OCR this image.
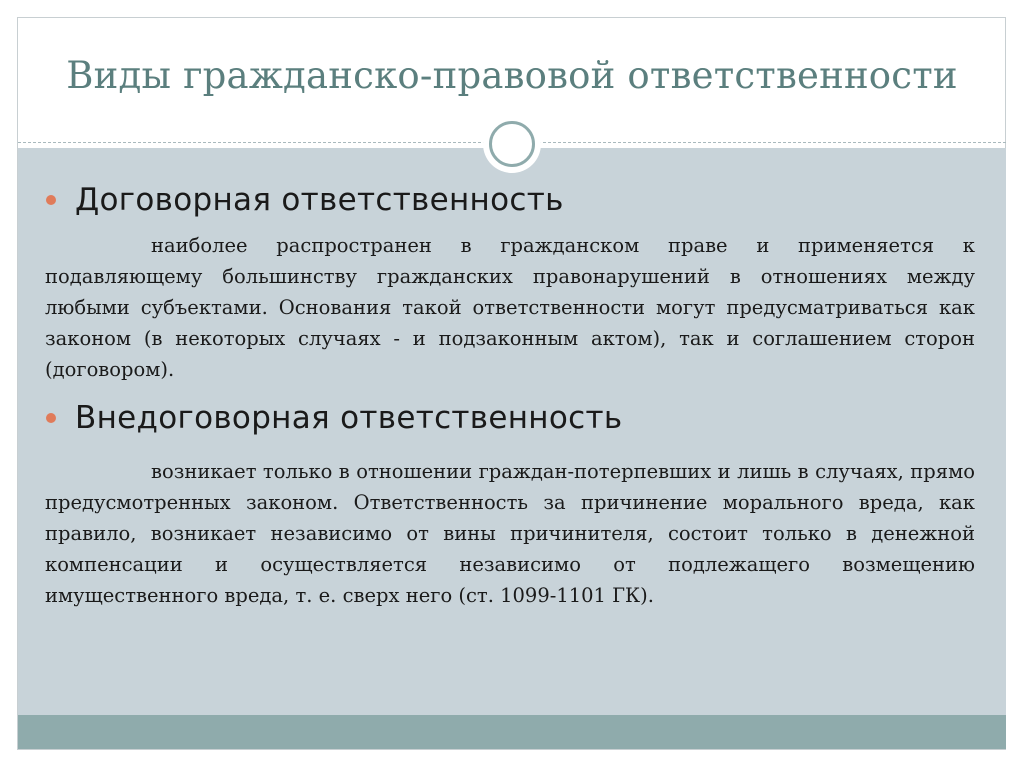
Виды гражданско-правовой ответственности
Договорная ответственность
наиболее распространен в гражданском праве и применяется к подавляющему большинству гражданских правонарушений в отношениях между любыми субъектами. Основания такой ответственности могут предусматриваться как законом (в некоторых случаях - и подзаконным актом), так и соглашением сторон (договором).
Внедоговорная ответственность
возникает только в отношении граждан-потерпевших и лишь в случаях, прямо предусмотренных законом. Ответственность за причинение морального вреда, как правило, возникает независимо от вины причинителя, состоит только в денежной компенсации и осуществляется независимо от подлежащего возмещению имущественного вреда, т. е. сверх него (ст. 1099-1101 ГК).
